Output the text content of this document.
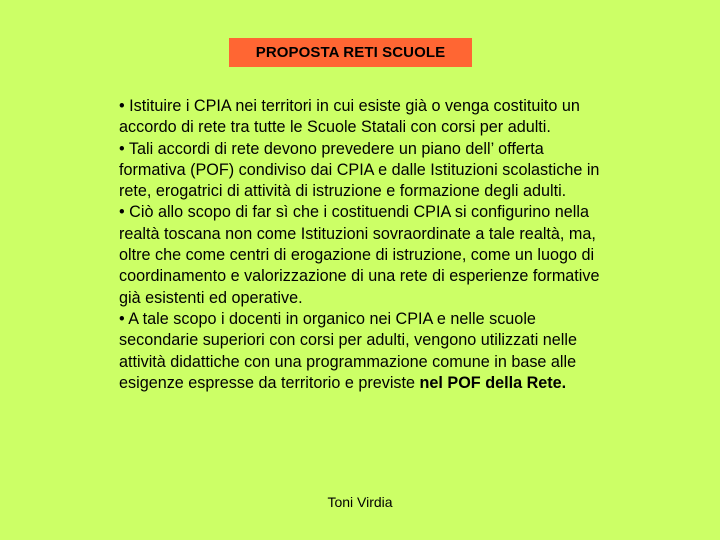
PROPOSTA RETI SCUOLE

• Istituire i CPIA nei territori in cui esiste già o venga costituito un accordo di rete tra tutte le Scuole Statali con corsi per adulti.

• Tali accordi di rete devono prevedere un piano dell’ offerta formativa (POF) condiviso dai CPIA e dalle Istituzioni scolastiche in rete, erogatrici di attività di istruzione e formazione degli adulti.

• Ciò allo scopo di far sì che i costituendi CPIA si configurino nella realtà toscana non come Istituzioni sovraordinate a tale realtà, ma, oltre che come centri di erogazione di istruzione, come un luogo di coordinamento e valorizzazione di una rete di esperienze formative già esistenti ed operative.

• A tale scopo i docenti in organico nei CPIA e nelle scuole secondarie superiori con corsi per adulti, vengono utilizzati nelle attività didattiche con una programmazione comune in base alle esigenze espresse da territorio e previste nel POF della Rete.

Toni Virdia
